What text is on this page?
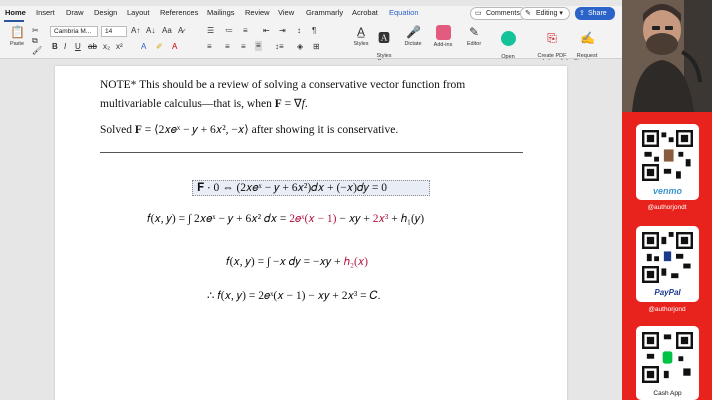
Home Insert Draw Design Layout References Mailings Review View Grammarly Acrobat Equation	▭ Comments ✎ Editing ▾	⇪ Share
📋
Paste
✂
⧉
🖌
Cambria M...	14	A↑ A↓ Aa A̷
B I U ab x₂ x² A ✐ A
☰ ≔ ≡ ⇤ ⇥ ↕ ¶
≡ ≡ ≡ ≡ ↕≡ ◈ ⊞
A̲
Styles 🅰

Styles

🎤
Dictate	Add-ins
✎
Editor

Open

⎘

Create PDF

✍

Request

NOTE* This should be a review of solving a conservative vector function from
multivariable calculus—that is, when F = ∇f.
Solved F = ⟨2𝑥𝑒ˣ − 𝑦 + 6𝑥², −𝑥⟩ after showing it is conservative.
𝐅 ⋅ 0 ⇔ (2𝑥𝑒ˣ − 𝑦 + 6𝑥²)𝑑𝑥 + (−𝑥)𝑑𝑦 = 0
𝑓(𝑥, 𝑦) = ∫ 2𝑥𝑒ˣ − 𝑦 + 6𝑥² 𝑑𝑥 = 2𝑒ˣ(𝑥 − 1) − 𝑥𝑦 + 2𝑥³ + ℎ₁(𝑦)
𝑓(𝑥, 𝑦) = ∫ −𝑥 𝑑𝑦 = −𝑥𝑦 + ℎ₂(𝑥)
∴ 𝑓(𝑥, 𝑦) = 2𝑒ˣ(𝑥 − 1) − 𝑥𝑦 + 2𝑥³ = 𝐶.
venmo
@authorjondt
PayPal
@authorjond
Cash App
